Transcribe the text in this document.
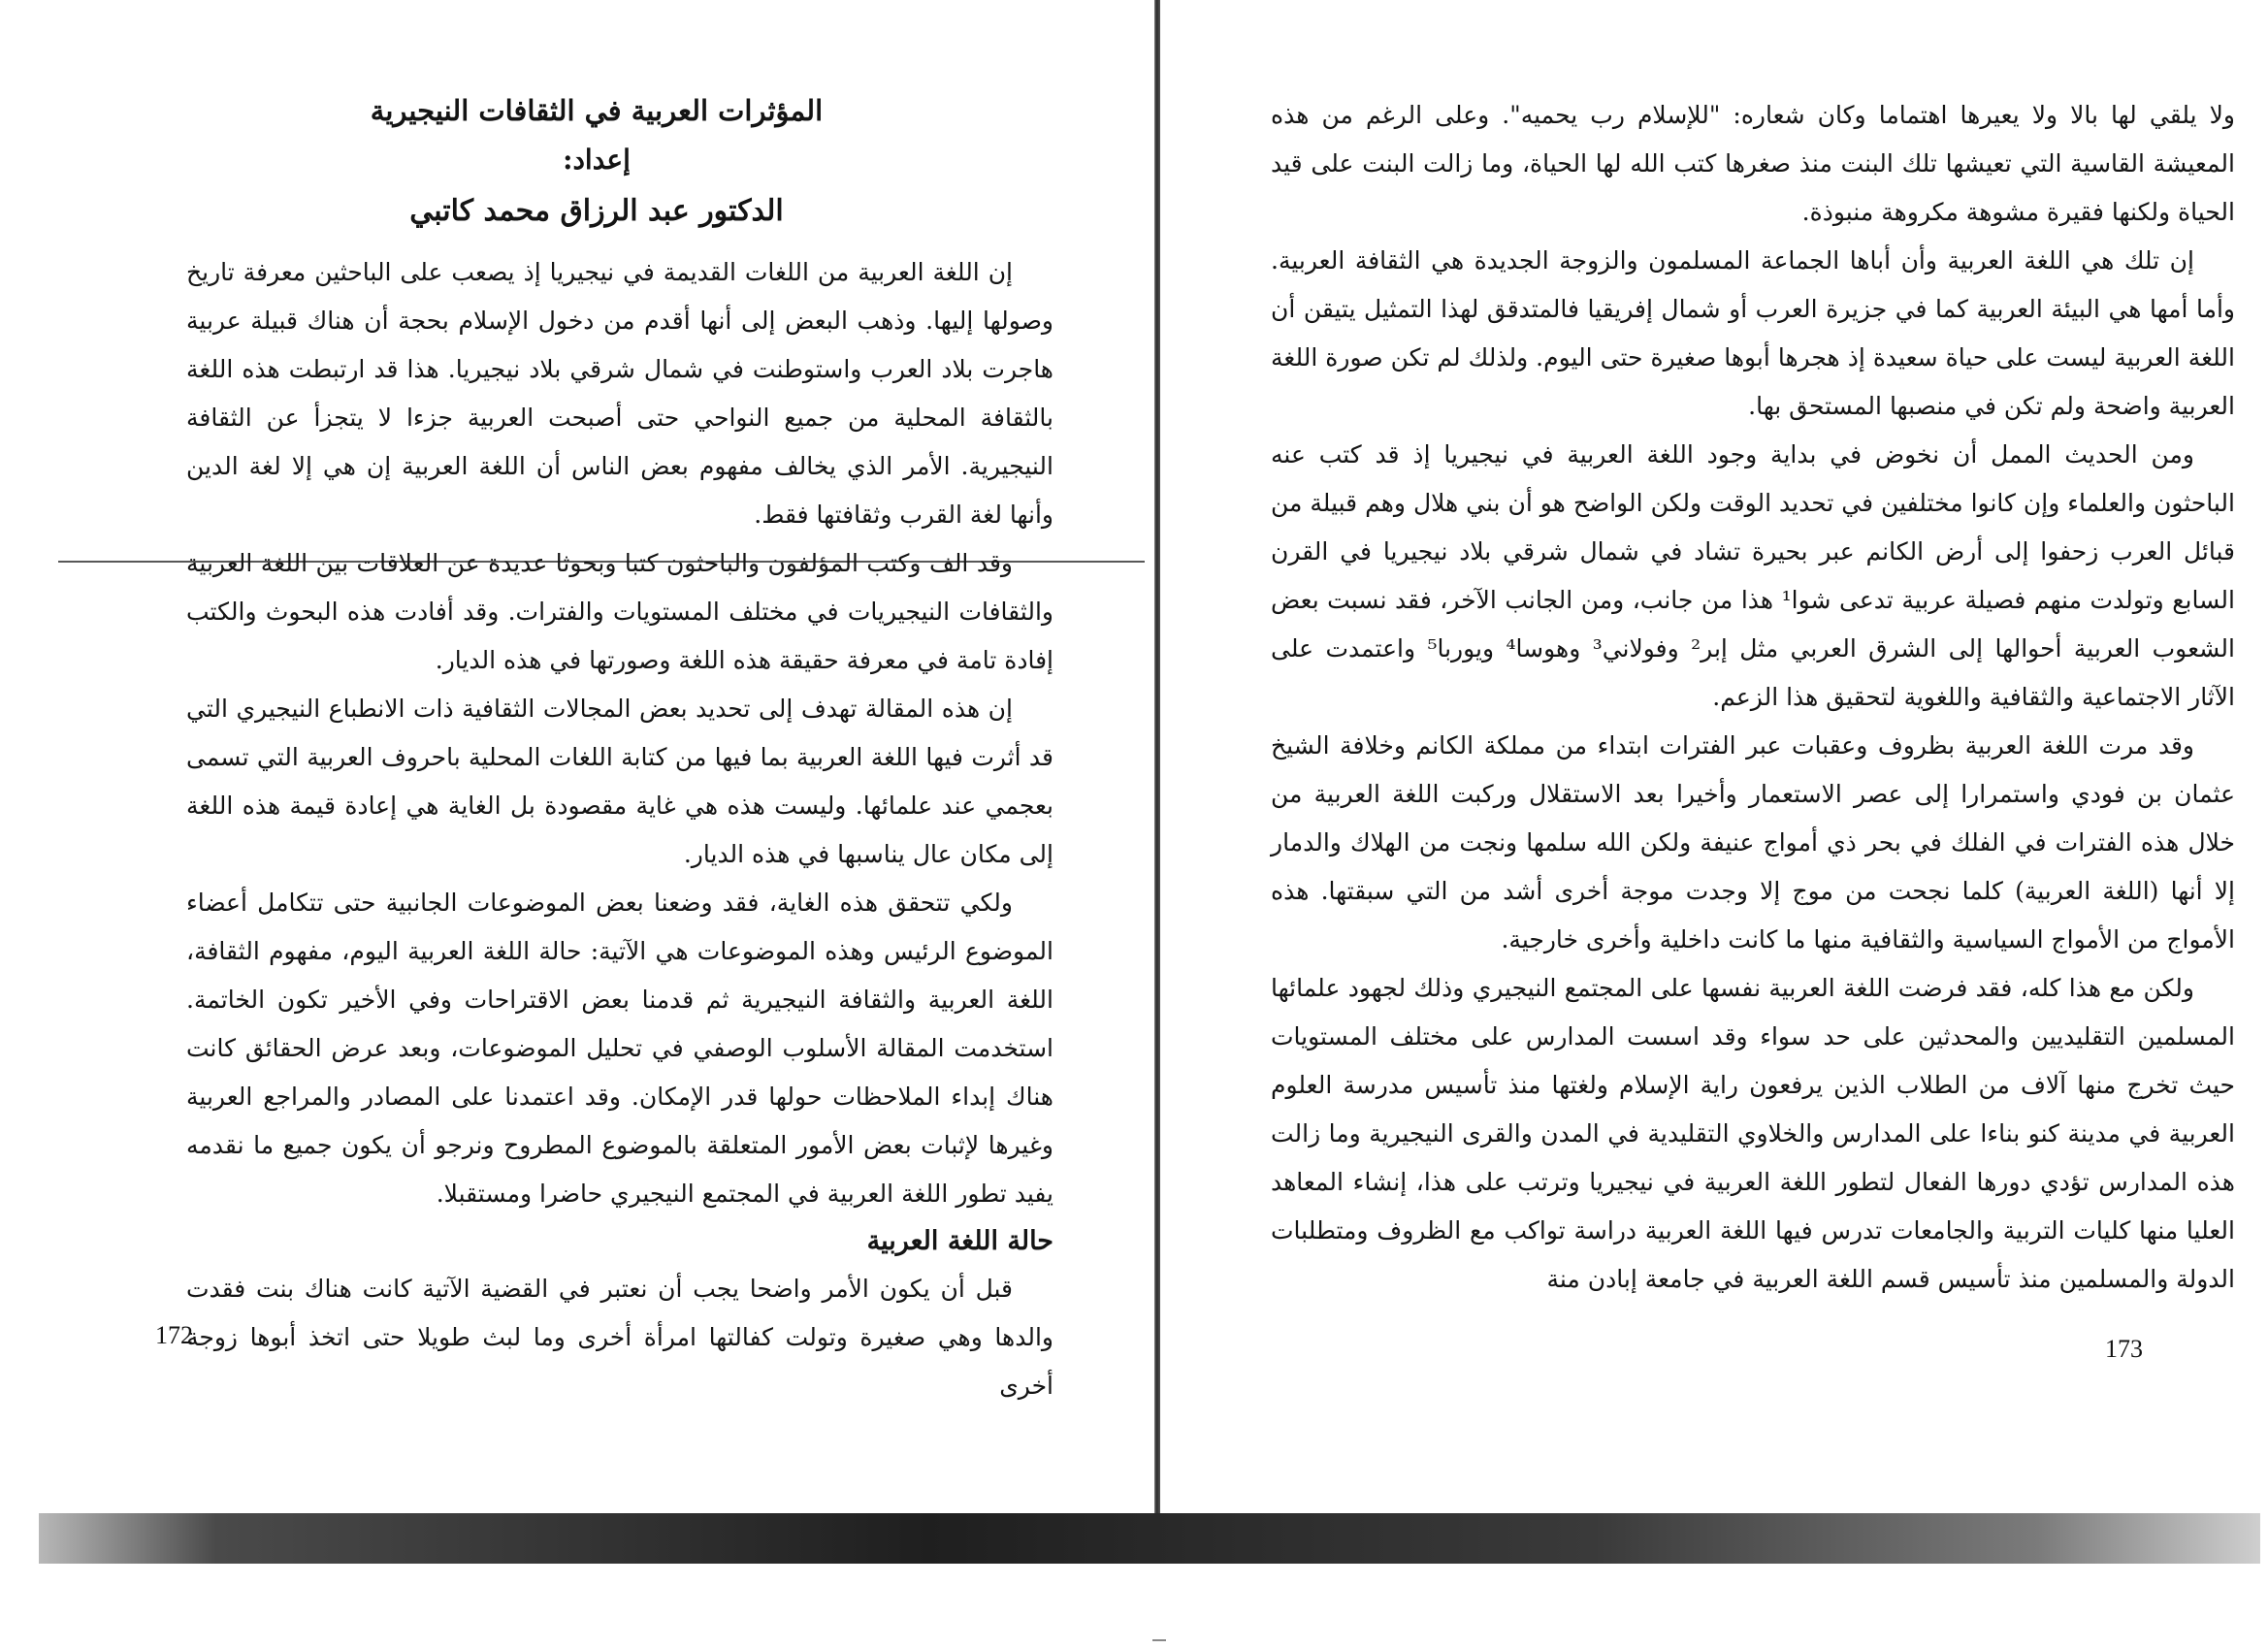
المؤثرات العربية في الثقافات النيجيرية
إعداد:
الدكتور عبد الرزاق محمد كاتبي

إن اللغة العربية من اللغات القديمة في نيجيريا إذ يصعب على الباحثين معرفة تاريخ وصولها إليها. وذهب البعض إلى أنها أقدم من دخول الإسلام بحجة أن هناك قبيلة عربية هاجرت بلاد العرب واستوطنت في شمال شرقي بلاد نيجيريا. هذا قد ارتبطت هذه اللغة بالثقافة المحلية من جميع النواحي حتى أصبحت العربية جزءا لا يتجزأ عن الثقافة النيجيرية. الأمر الذي يخالف مفهوم بعض الناس أن اللغة العربية إن هي إلا لغة الدين وأنها لغة القرب وثقافتها فقط.

وقد الف وكتب المؤلفون والباحثون كتبا وبحوثا عديدة عن العلاقات بين اللغة العربية والثقافات النيجيريات في مختلف المستويات والفترات. وقد أفادت هذه البحوث والكتب إفادة تامة في معرفة حقيقة هذه اللغة وصورتها في هذه الديار.

إن هذه المقالة تهدف إلى تحديد بعض المجالات الثقافية ذات الانطباع النيجيري التي قد أثرت فيها اللغة العربية بما فيها من كتابة اللغات المحلية باحروف العربية التي تسمى بعجمي عند علمائها. وليست هذه هي غاية مقصودة بل الغاية هي إعادة قيمة هذه اللغة إلى مكان عال يناسبها في هذه الديار.

ولكي تتحقق هذه الغاية، فقد وضعنا بعض الموضوعات الجانبية حتى تتكامل أعضاء الموضوع الرئيس وهذه الموضوعات هي الآتية: حالة اللغة العربية اليوم، مفهوم الثقافة، اللغة العربية والثقافة النيجيرية ثم قدمنا بعض الاقتراحات وفي الأخير تكون الخاتمة. استخدمت المقالة الأسلوب الوصفي في تحليل الموضوعات، وبعد عرض الحقائق كانت هناك إبداء الملاحظات حولها قدر الإمكان. وقد اعتمدنا على المصادر والمراجع العربية وغيرها لإثبات بعض الأمور المتعلقة بالموضوع المطروح ونرجو أن يكون جميع ما نقدمه يفيد تطور اللغة العربية في المجتمع النيجيري حاضرا ومستقبلا.

حالة اللغة العربية

قبل أن يكون الأمر واضحا يجب أن نعتبر في القضية الآتية كانت هناك بنت فقدت والدها وهي صغيرة وتولت كفالتها امرأة أخرى وما لبث طويلا حتى اتخذ أبوها زوجة أخرى

172

ولا يلقي لها بالا ولا يعيرها اهتماما وكان شعاره: "للإسلام رب يحميه". وعلى الرغم من هذه المعيشة القاسية التي تعيشها تلك البنت منذ صغرها كتب الله لها الحياة، وما زالت البنت على قيد الحياة ولكنها فقيرة مشوهة مكروهة منبوذة.

إن تلك هي اللغة العربية وأن أباها الجماعة المسلمون والزوجة الجديدة هي الثقافة العربية. وأما أمها هي البيئة العربية كما في جزيرة العرب أو شمال إفريقيا فالمتدقق لهذا التمثيل يتيقن أن اللغة العربية ليست على حياة سعيدة إذ هجرها أبوها صغيرة حتى اليوم. ولذلك لم تكن صورة اللغة العربية واضحة ولم تكن في منصبها المستحق بها.

ومن الحديث الممل أن نخوض في بداية وجود اللغة العربية في نيجيريا إذ قد كتب عنه الباحثون والعلماء وإن كانوا مختلفين في تحديد الوقت ولكن الواضح هو أن بني هلال وهم قبيلة من قبائل العرب زحفوا إلى أرض الكانم عبر بحيرة تشاد في شمال شرقي بلاد نيجيريا في القرن السابع وتولدت منهم فصيلة عربية تدعى شوا¹ هذا من جانب، ومن الجانب الآخر، فقد نسبت بعض الشعوب العربية أحوالها إلى الشرق العربي مثل إبر² وفولاني³ وهوسا⁴ ويوربا⁵ واعتمدت على الآثار الاجتماعية والثقافية واللغوية لتحقيق هذا الزعم.

وقد مرت اللغة العربية بظروف وعقبات عبر الفترات ابتداء من مملكة الكانم وخلافة الشيخ عثمان بن فودي واستمرارا إلى عصر الاستعمار وأخيرا بعد الاستقلال وركبت اللغة العربية من خلال هذه الفترات في الفلك في بحر ذي أمواج عنيفة ولكن الله سلمها ونجت من الهلاك والدمار إلا أنها (اللغة العربية) كلما نجحت من موج إلا وجدت موجة أخرى أشد من التي سبقتها. هذه الأمواج من الأمواج السياسية والثقافية منها ما كانت داخلية وأخرى خارجية.

ولكن مع هذا كله، فقد فرضت اللغة العربية نفسها على المجتمع النيجيري وذلك لجهود علمائها المسلمين التقليديين والمحدثين على حد سواء وقد اسست المدارس على مختلف المستويات حيث تخرج منها آلاف من الطلاب الذين يرفعون راية الإسلام ولغتها منذ تأسيس مدرسة العلوم العربية في مدينة كنو بناءا على المدارس والخلاوي التقليدية في المدن والقرى النيجيرية وما زالت هذه المدارس تؤدي دورها الفعال لتطور اللغة العربية في نيجيريا وترتب على هذا، إنشاء المعاهد العليا منها كليات التربية والجامعات تدرس فيها اللغة العربية دراسة تواكب مع الظروف ومتطلبات الدولة والمسلمين منذ تأسيس قسم اللغة العربية في جامعة إبادن منة

173
